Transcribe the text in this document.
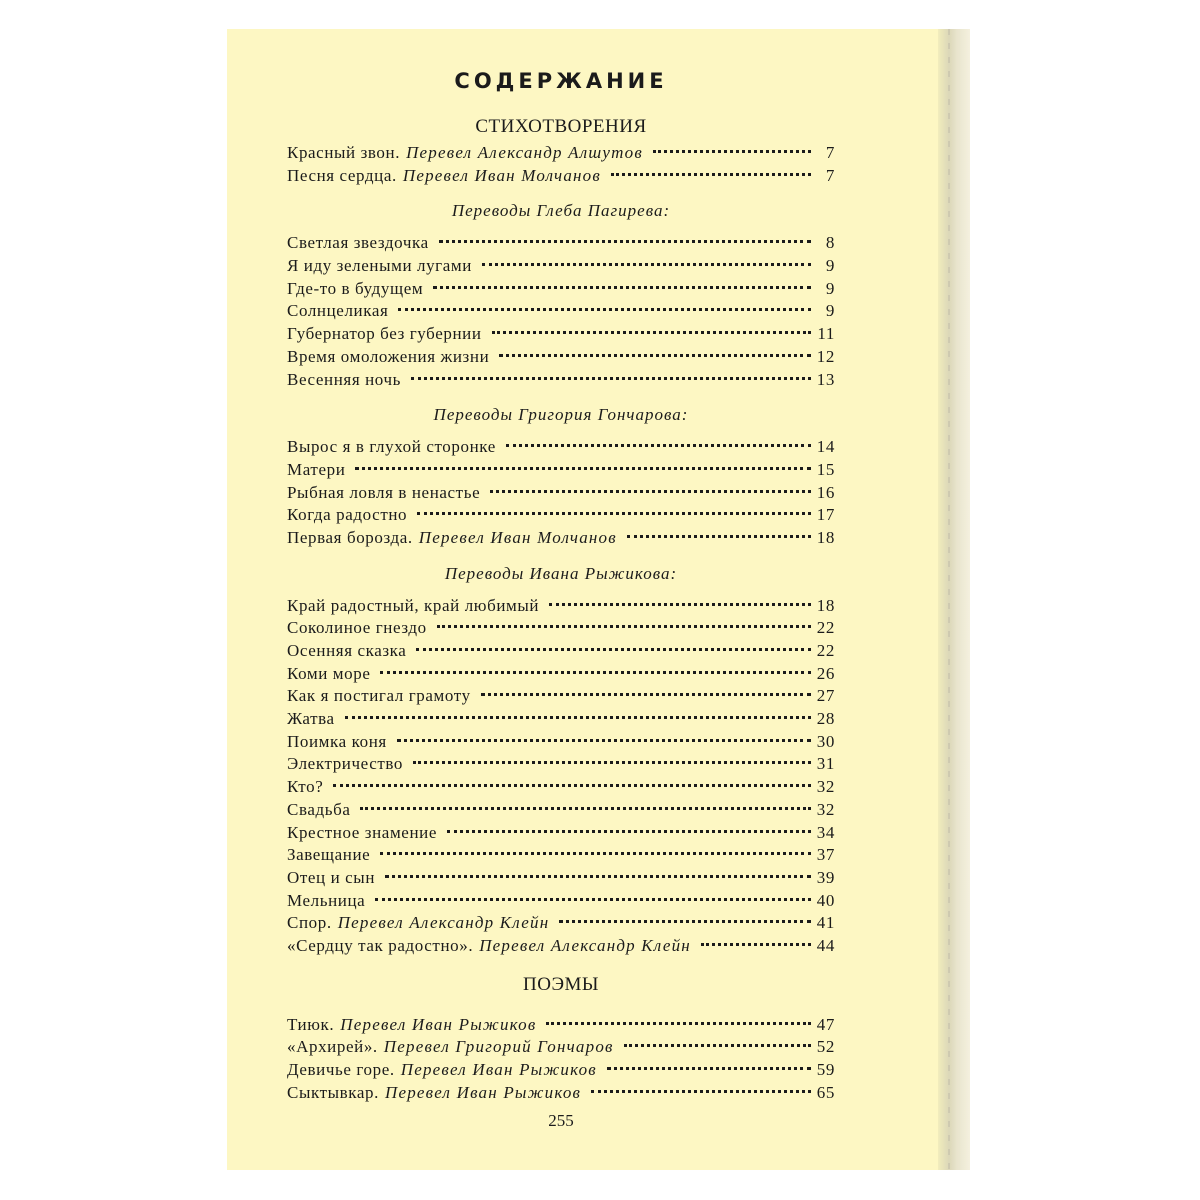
СОДЕРЖАНИЕ
СТИХОТВОРЕНИЯ
Красный звон. Перевел Александр Алшутов	7
Песня сердца. Перевел Иван Молчанов	7
Переводы Глеба Пагирева:
Светлая звездочка	8
Я иду зелеными лугами	9
Где-то в будущем	9
Солнцеликая	9
Губернатор без губернии	11
Время омоложения жизни	12
Весенняя ночь	13
Переводы Григория Гончарова:
Вырос я в глухой сторонке	14
Матери	15
Рыбная ловля в ненастье	16
Когда радостно	17
Первая борозда. Перевел Иван Молчанов	18
Переводы Ивана Рыжикова:
Край радостный, край любимый	18
Соколиное гнездо	22
Осенняя сказка	22
Коми море	26
Как я постигал грамоту	27
Жатва	28
Поимка коня	30
Электричество	31
Кто?	32
Свадьба	32
Крестное знамение	34
Завещание	37
Отец и сын	39
Мельница	40
Спор. Перевел Александр Клейн	41
«Сердцу так радостно». Перевел Александр Клейн	44
ПОЭМЫ
Тиюк. Перевел Иван Рыжиков	47
«Архирей». Перевел Григорий Гончаров	52
Девичье горе. Перевел Иван Рыжиков	59
Сыктывкар. Перевел Иван Рыжиков	65
255
